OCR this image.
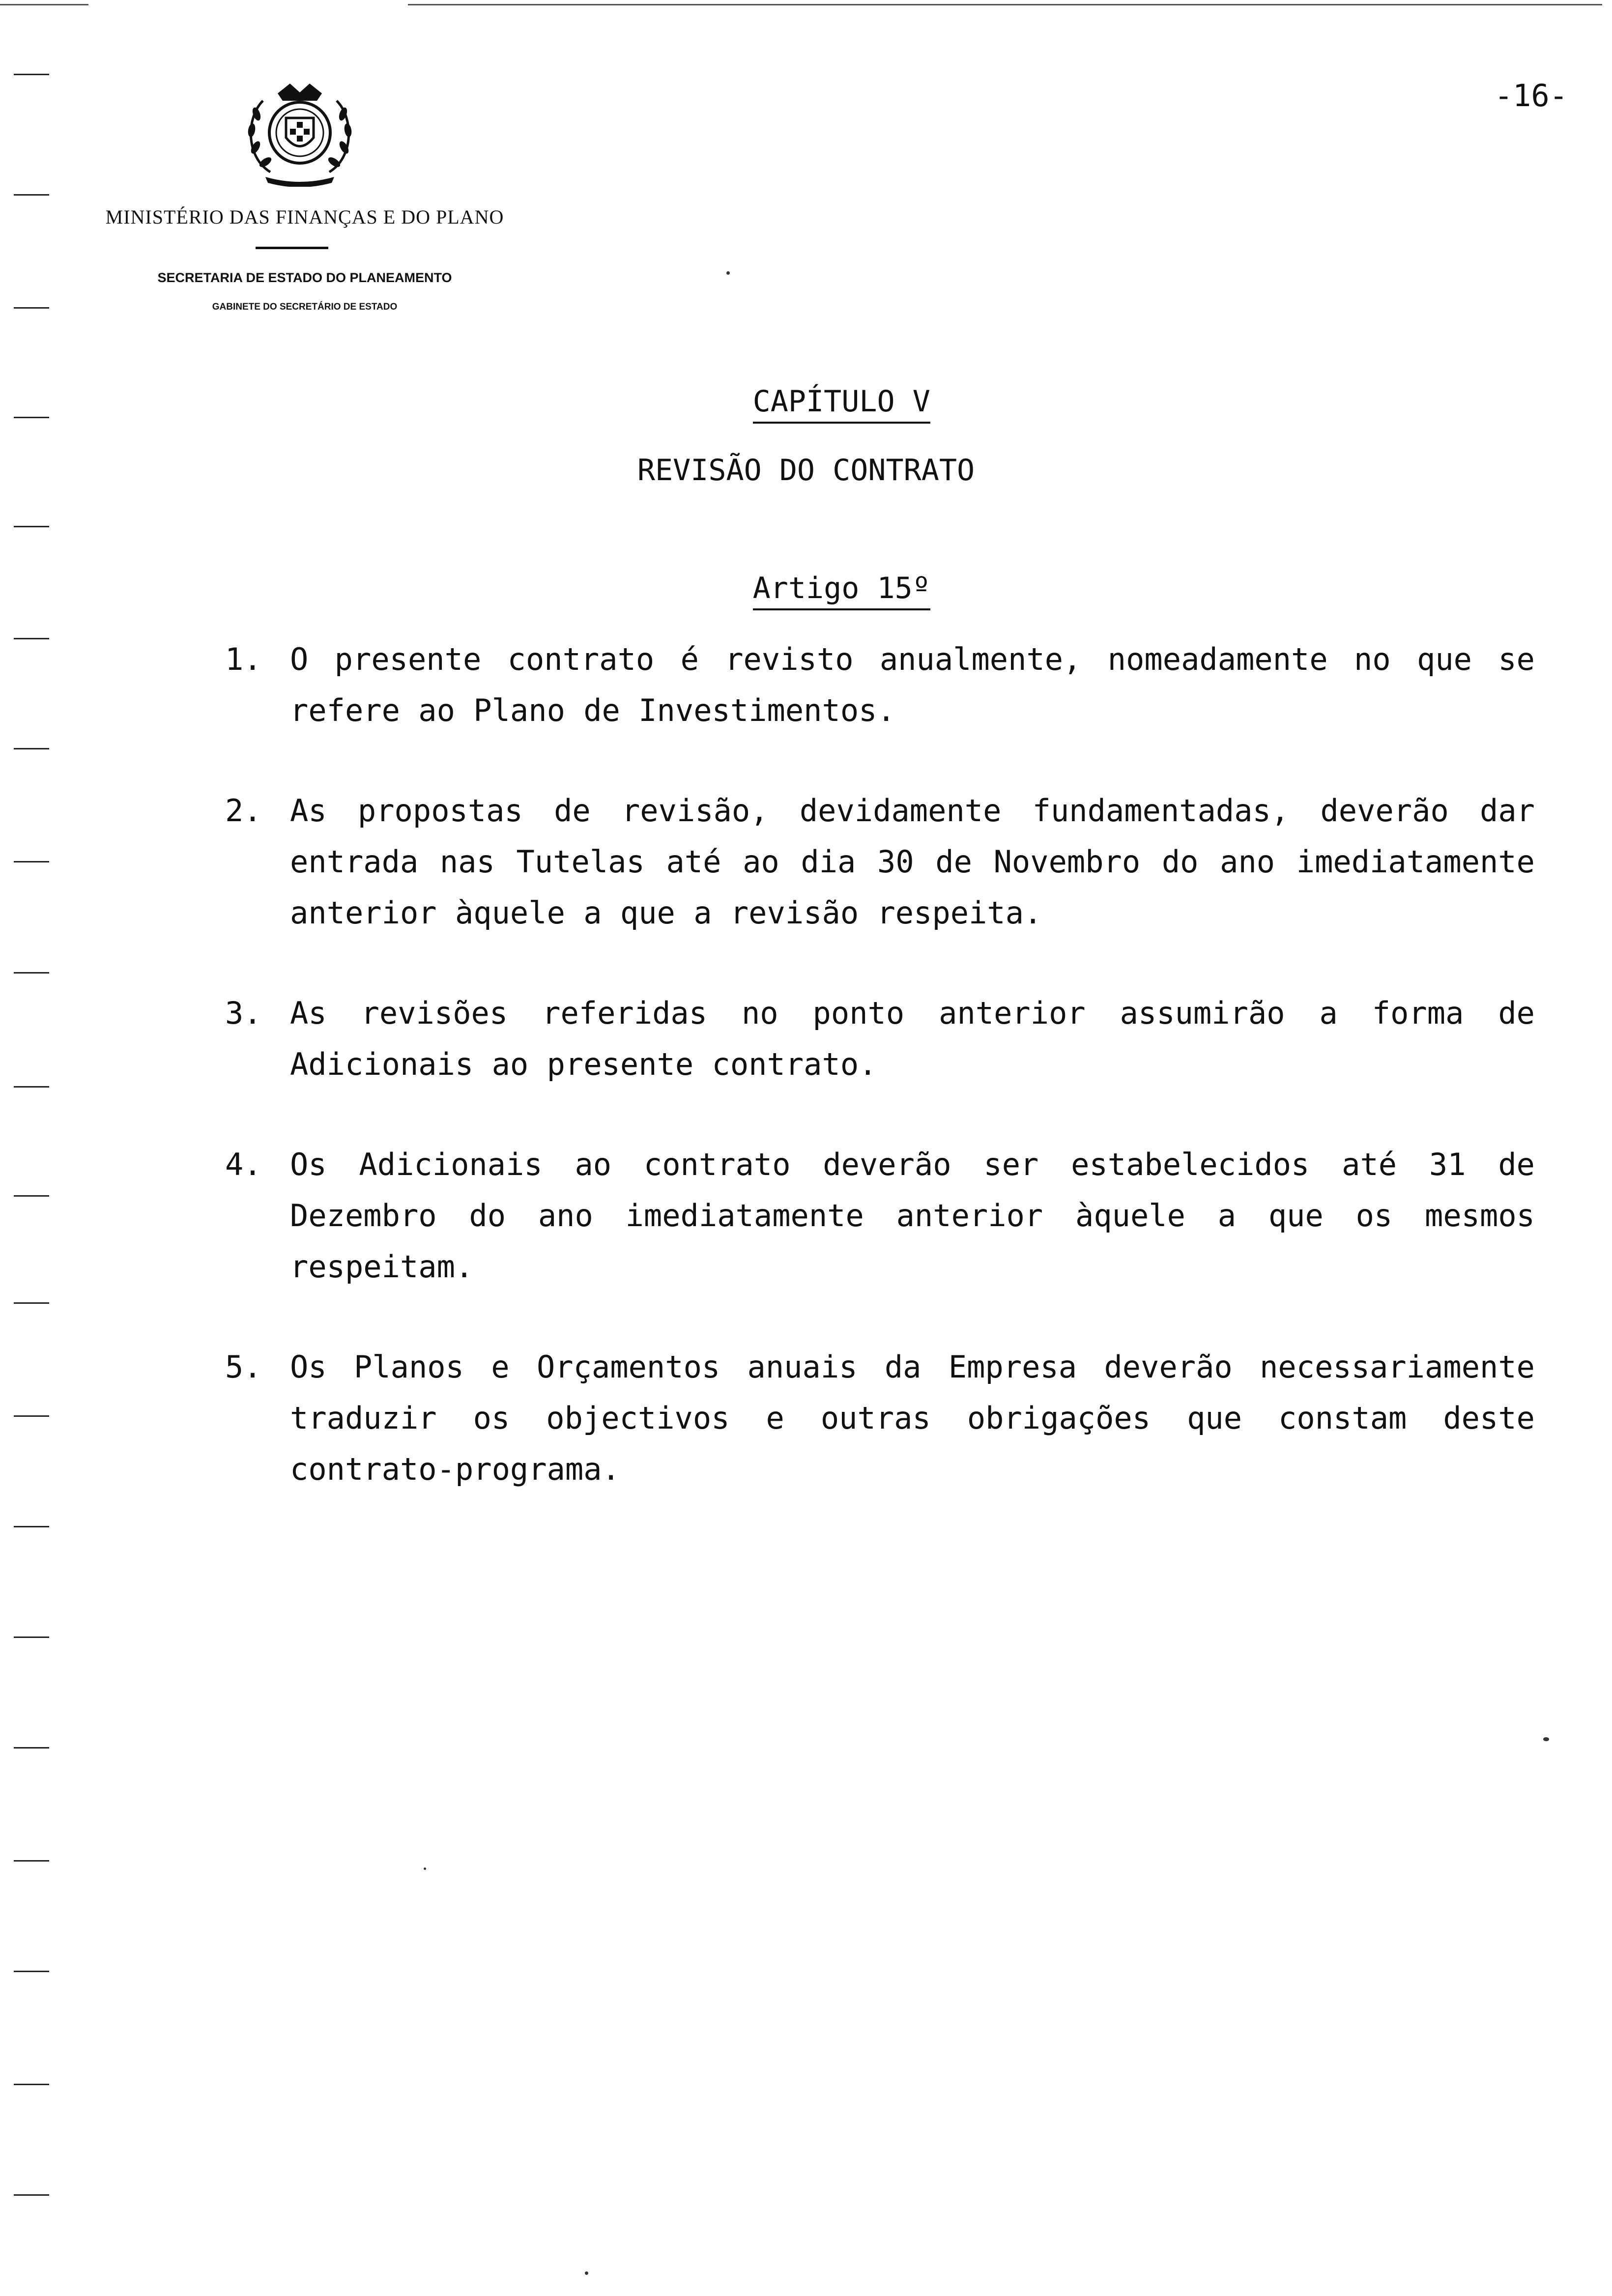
MINISTÉRIO DAS FINANÇAS E DO PLANO
SECRETARIA DE ESTADO DO PLANEAMENTO
GABINETE DO SECRETÁRIO DE ESTADO
-16-

CAPÍTULO V

REVISÃO DO CONTRATO

Artigo 15º

1. O presente contrato é revisto anualmente, nomeadamente no que se refere ao Plano de Investimentos.
2. As propostas de revisão, devidamente fundamentadas, deverão dar entrada nas Tutelas até ao dia 30 de Novembro do ano imediatamente anterior àquele a que a revisão respeita.
3. As revisões referidas no ponto anterior assumirão a forma de Adicionais ao presente contrato.
4. Os Adicionais ao contrato deverão ser estabelecidos até 31 de Dezembro do ano imediatamente anterior àquele a que os mesmos respeitam.
5. Os Planos e Orçamentos anuais da Empresa deverão necessariamente traduzir os objectivos e outras obrigações que constam deste contrato-programa.
